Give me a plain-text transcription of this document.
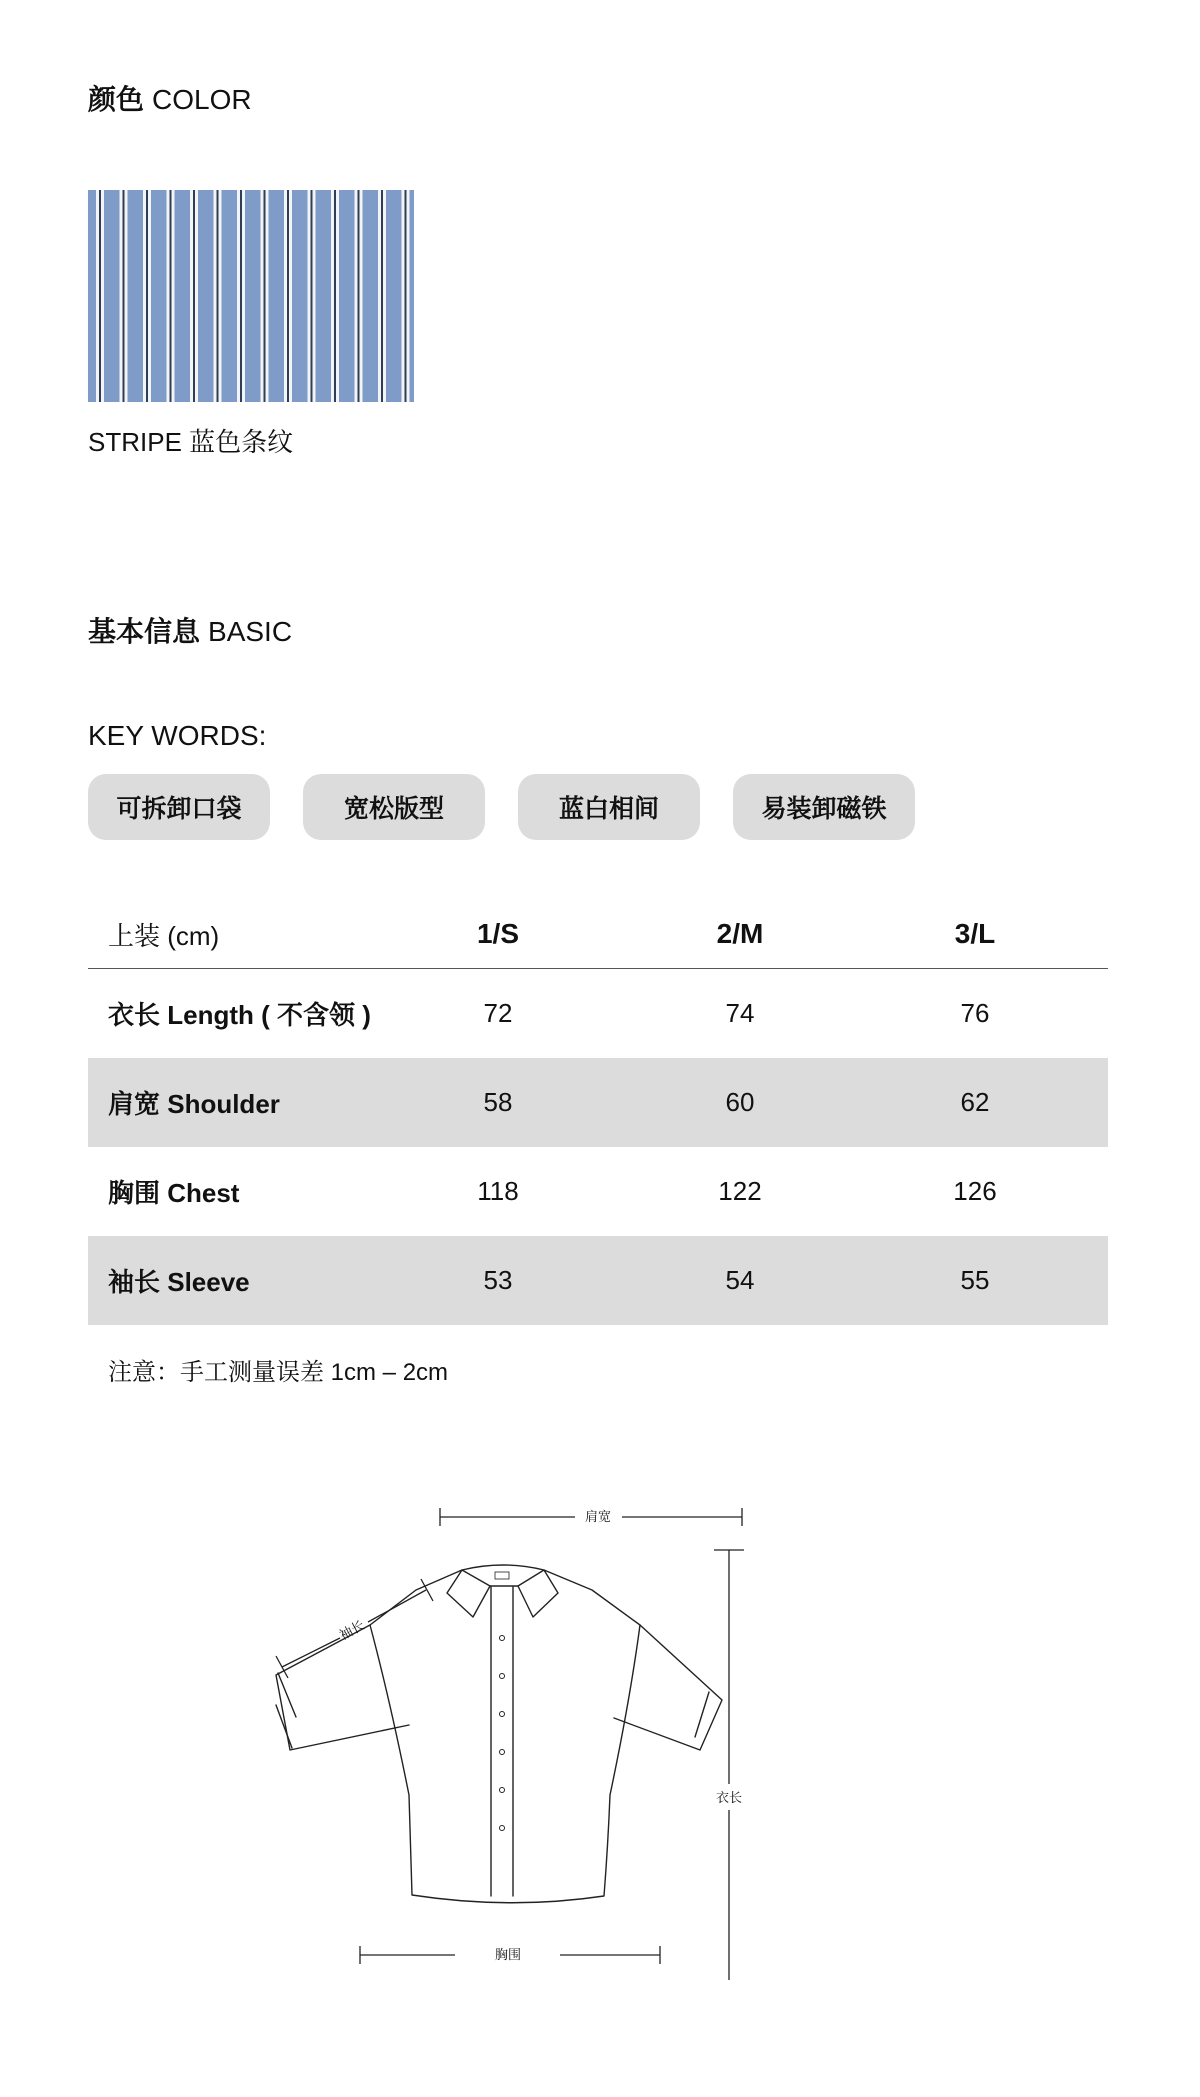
颜色 COLOR
STRIPE 蓝色条纹
基本信息 BASIC
KEY WORDS:
可拆卸口袋	宽松版型	蓝白相间	易装卸磁铁
上装 (cm)	1/S	2/M	3/L
衣长 Length ( 不含领 )	72	74	76
肩宽 Shoulder	58	60	62
胸围 Chest	118	122	126
袖长 Sleeve	53	54	55
注意：手工测量误差 1cm – 2cm
肩宽
袖长
衣长
胸围
